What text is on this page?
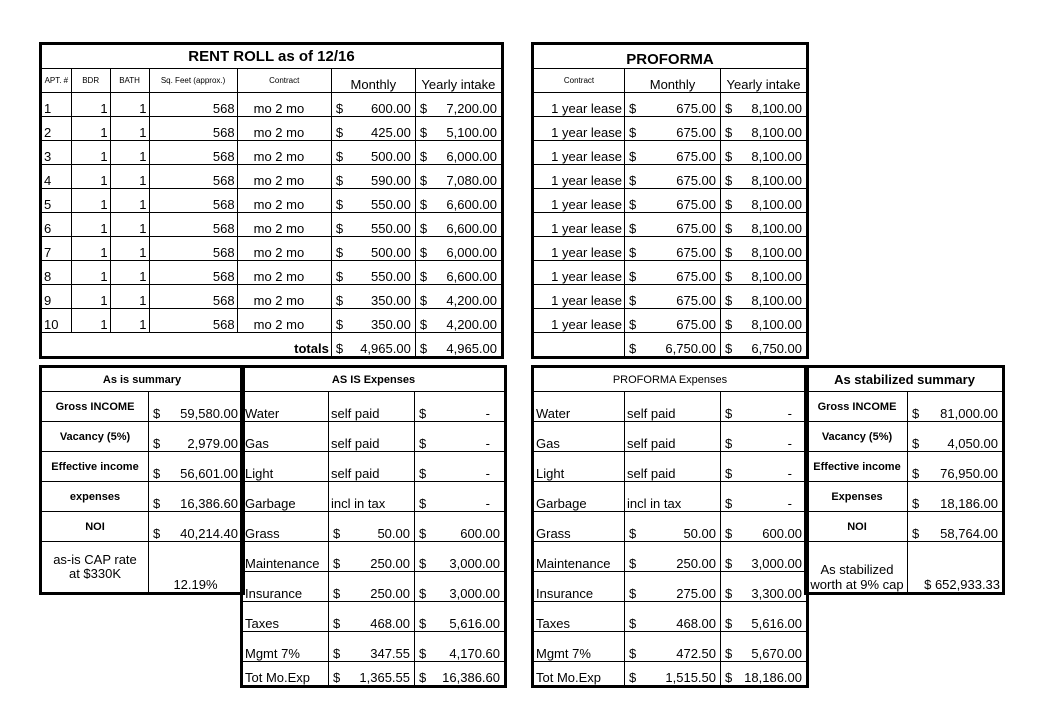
RENT ROLL as of 12/16						
APT. #	BDR	BATH	Sq. Feet (approx.)	Contract	Monthly	Yearly intake
1	1	1	568	mo 2 mo	$ 600.00	$ 7,200.00

2	1	1	568	mo 2 mo	$ 425.00	$ 5,100.00

3	1	1	568	mo 2 mo	$ 500.00	$ 6,000.00

4	1	1	568	mo 2 mo	$ 590.00	$ 7,080.00

5	1	1	568	mo 2 mo	$ 550.00	$ 6,600.00

6	1	1	568	mo 2 mo	$ 550.00	$ 6,600.00

7	1	1	568	mo 2 mo	$ 500.00	$ 6,000.00

8	1	1	568	mo 2 mo	$ 550.00	$ 6,600.00

9	1	1	568	mo 2 mo	$ 350.00	$ 4,200.00

10	1	1	568	mo 2 mo	$ 350.00	$ 4,200.00

totals					$ 4,965.00	$ 4,965.00
PROFORMA		
Contract	Monthly	Yearly intake
1 year lease	$ 675.00	$ 8,100.00

1 year lease	$ 675.00	$ 8,100.00

1 year lease	$ 675.00	$ 8,100.00

1 year lease	$ 675.00	$ 8,100.00

1 year lease	$ 675.00	$ 8,100.00

1 year lease	$ 675.00	$ 8,100.00

1 year lease	$ 675.00	$ 8,100.00

1 year lease	$ 675.00	$ 8,100.00

1 year lease	$ 675.00	$ 8,100.00

1 year lease	$ 675.00	$ 8,100.00

	$ 6,750.00	$ 6,750.00
As is summary	
Gross INCOME	$ 59,580.00

Vacancy (5%)	$ 2,979.00

Effective income	$ 56,601.00

expenses	$ 16,386.60

NOI	$ 40,214.40

as-is CAP rate
at $330K	12.19%
AS IS Expenses		
Water	self paid	$ -

Gas	self paid	$ -

Light	self paid	$ -

Garbage	incl in tax	$ -

Grass	$ 50.00	$ 600.00

Maintenance	$ 250.00	$ 3,000.00

Insurance	$ 250.00	$ 3,000.00

Taxes	$ 468.00	$ 5,616.00

Mgmt 7%	$ 347.55	$ 4,170.60

Tot Mo.Exp	$ 1,365.55	$ 16,386.60
PROFORMA Expenses		
Water	self paid	$ -

Gas	self paid	$ -

Light	self paid	$ -

Garbage	incl in tax	$ -

Grass	$ 50.00	$ 600.00

Maintenance	$ 250.00	$ 3,000.00

Insurance	$ 275.00	$ 3,300.00

Taxes	$ 468.00	$ 5,616.00

Mgmt 7%	$ 472.50	$ 5,670.00

Tot Mo.Exp	$ 1,515.50	$ 18,186.00
As stabilized summary	
Gross INCOME	$ 81,000.00

Vacancy (5%)	$ 4,050.00

Effective income	$ 76,950.00

Expenses	$ 18,186.00

NOI	$ 58,764.00

As stabilized
worth at 9% cap	$ 652,933.33
